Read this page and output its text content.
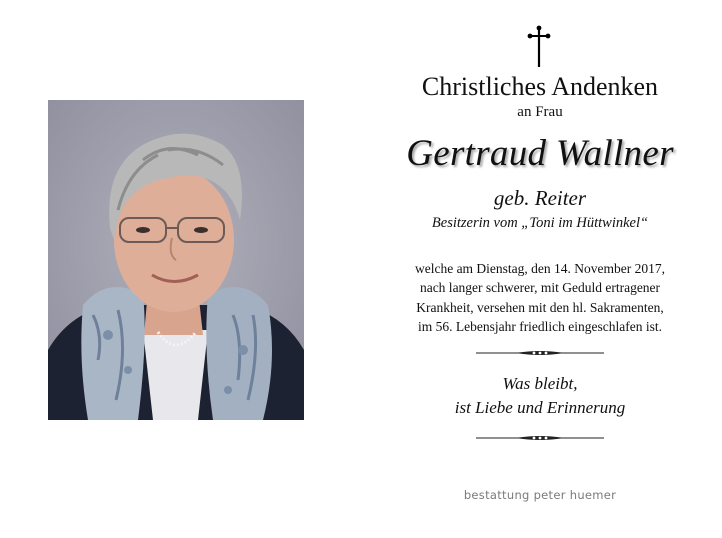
Christliches Andenken
an Frau
Gertraud Wallner
geb. Reiter
Besitzerin vom „Toni im Hüttwinkel“
welche am Dienstag, den 14. November 2017,
nach langer schwerer, mit Geduld ertragener
Krankheit, versehen mit den hl. Sakramenten,
im 56. Lebensjahr friedlich eingeschlafen ist.
Was bleibt,
ist Liebe und Erinnerung
bestattung peter huemer
